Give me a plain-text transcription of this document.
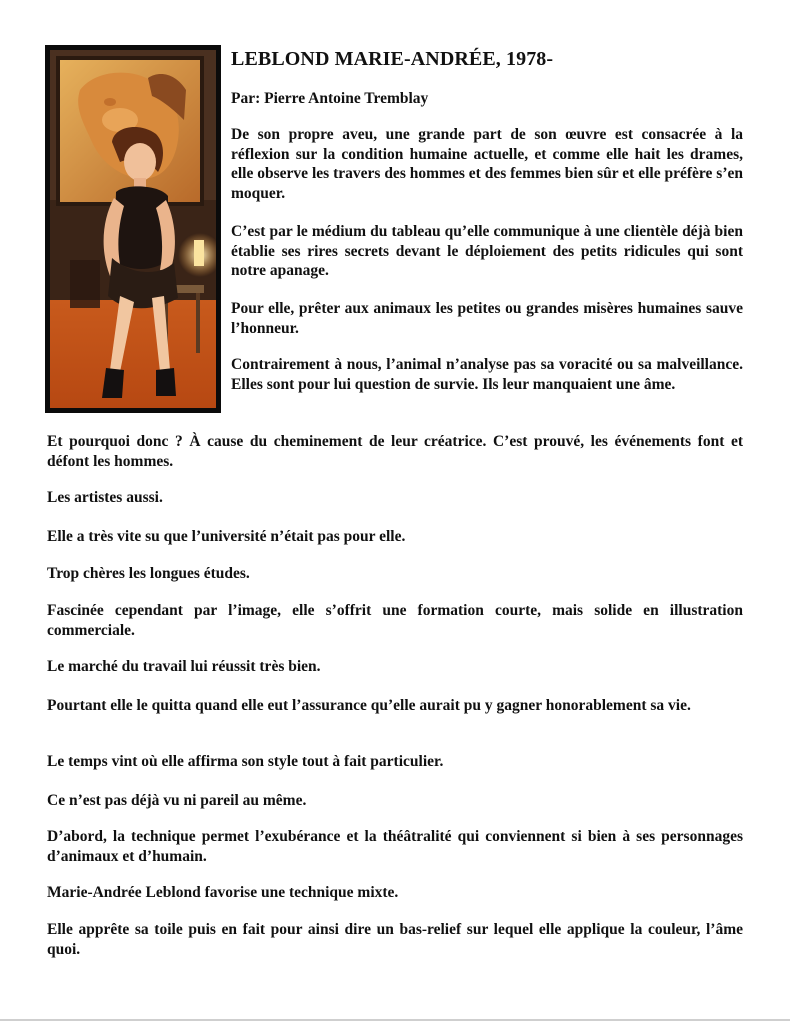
LEBLOND MARIE-ANDRÉE, 1978-
Par: Pierre Antoine Tremblay

De son propre aveu, une grande part de son œuvre est consacrée à la réflexion sur la condition humaine actuelle, et comme elle hait les drames, elle observe les travers des hommes et des femmes bien sûr et elle préfère s’en moquer.

C’est par le médium du tableau qu’elle communique à une clientèle déjà bien établie ses rires secrets devant le déploiement des petits ridicules qui sont notre apanage.

Pour elle, prêter aux animaux les petites ou grandes misères humaines sauve l’honneur.

Contrairement à nous, l’animal n’analyse pas sa voracité ou sa malveillance. Elles sont pour lui question de survie. Ils leur manquaient une âme.

Et pourquoi donc ? À cause du cheminement de leur créatrice. C’est prouvé, les événements font et défont les hommes.

Les artistes aussi.

Elle a très vite su que l’université n’était pas pour elle.

Trop chères les longues études.

Fascinée cependant par l’image, elle s’offrit une formation courte, mais solide en illustration commerciale.

Le marché du travail lui réussit très bien.

Pourtant elle le quitta quand elle eut l’assurance qu’elle aurait pu y gagner honorablement sa vie.

Le temps vint où elle affirma son style tout à fait particulier.

Ce n’est pas déjà vu ni pareil au même.

D’abord, la technique permet l’exubérance et la théâtralité qui conviennent si bien à ses personnages d’animaux et d’humain.

Marie-Andrée Leblond favorise une technique mixte.

Elle apprête sa toile puis en fait pour ainsi dire un bas-relief sur lequel elle applique la couleur, l’âme quoi.
